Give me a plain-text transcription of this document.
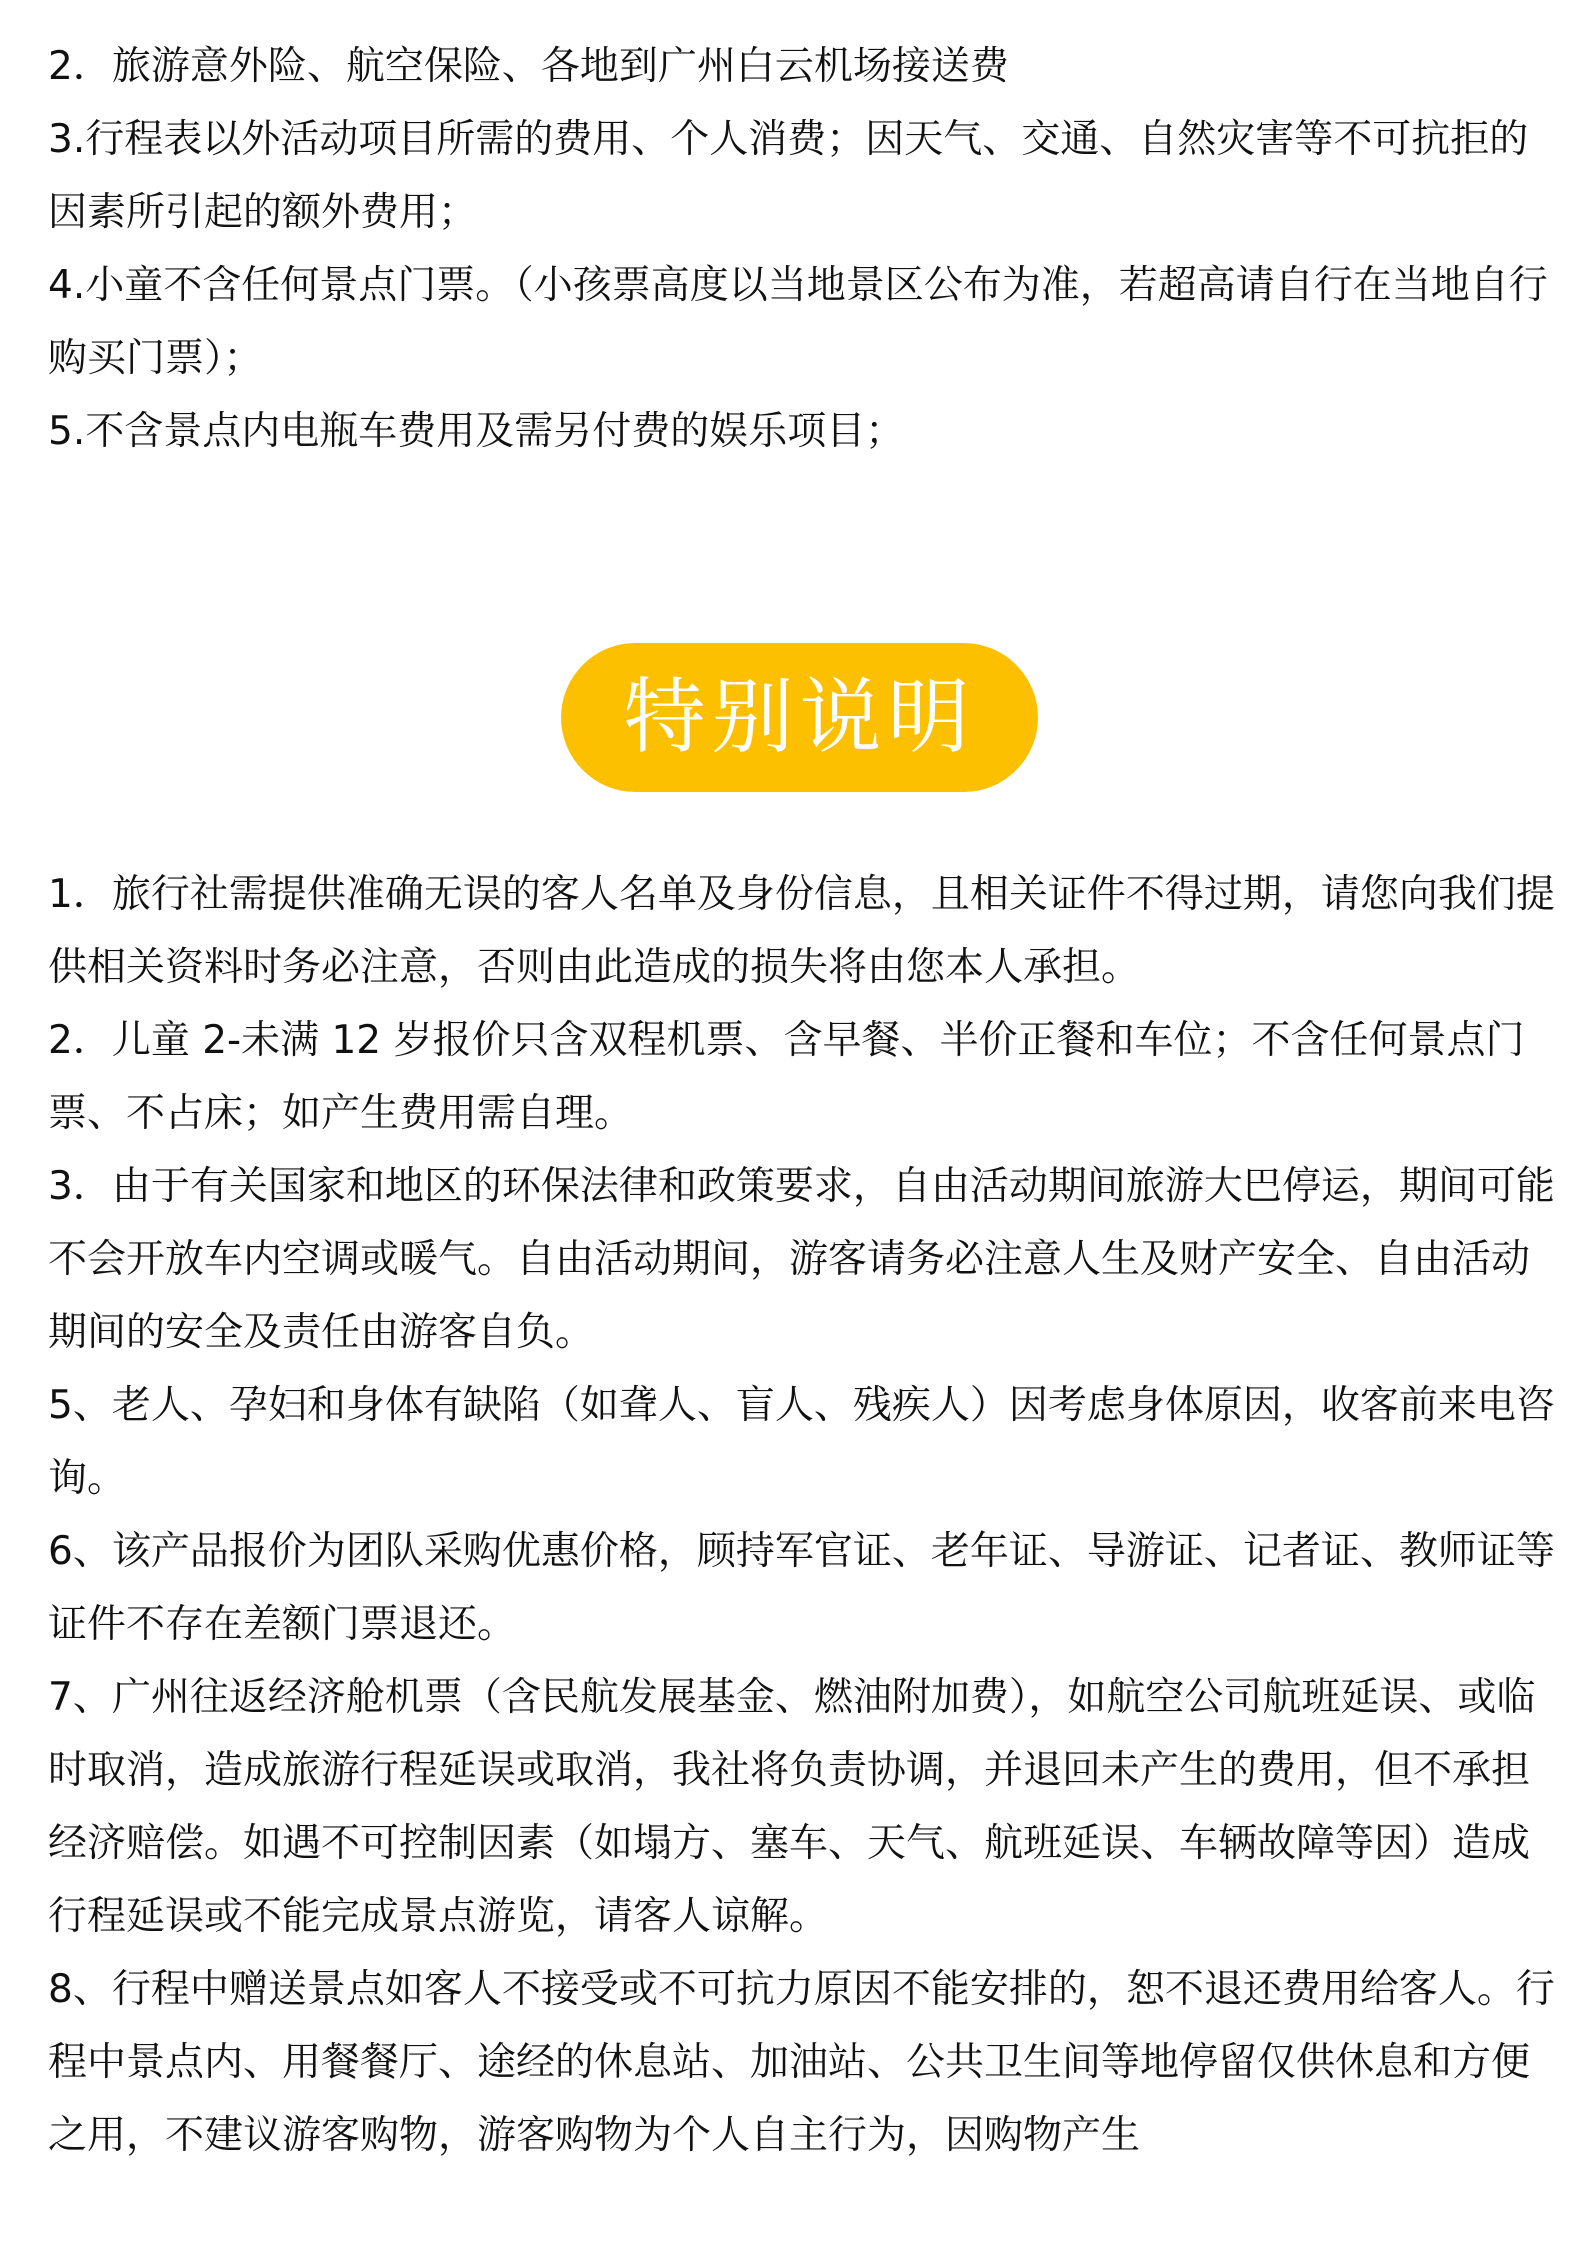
2．旅游意外险、航空保险、各地到广州白云机场接送费

3.行程表以外活动项目所需的费用、个人消费；因天气、交通、自然灾害等不可抗拒的因素所引起的额外费用；

4.小童不含任何景点门票。（小孩票高度以当地景区公布为准，若超高请自行在当地自行购买门票）；

5.不含景点内电瓶车费用及需另付费的娱乐项目；

特别说明

1．旅行社需提供准确无误的客人名单及身份信息，且相关证件不得过期，请您向我们提供相关资料时务必注意，否则由此造成的损失将由您本人承担。

2．儿童 2-未满 12 岁报价只含双程机票、含早餐、半价正餐和车位；不含任何景点门票、不占床；如产生费用需自理。

3．由于有关国家和地区的环保法律和政策要求，自由活动期间旅游大巴停运，期间可能不会开放车内空调或暖气。自由活动期间，游客请务必注意人生及财产安全、自由活动期间的安全及责任由游客自负。

5、老人、孕妇和身体有缺陷（如聋人、盲人、残疾人）因考虑身体原因，收客前来电咨询。

6、该产品报价为团队采购优惠价格，顾持军官证、老年证、导游证、记者证、教师证等证件不存在差额门票退还。

7、广州往返经济舱机票（含民航发展基金、燃油附加费），如航空公司航班延误、或临时取消，造成旅游行程延误或取消，我社将负责协调，并退回未产生的费用，但不承担经济赔偿。如遇不可控制因素（如塌方、塞车、天气、航班延误、车辆故障等因）造成行程延误或不能完成景点游览，请客人谅解。

8、行程中赠送景点如客人不接受或不可抗力原因不能安排的，恕不退还费用给客人。行程中景点内、用餐餐厅、途经的休息站、加油站、公共卫生间等地停留仅供休息和方便之用，不建议游客购物，游客购物为个人自主行为，因购物产生
